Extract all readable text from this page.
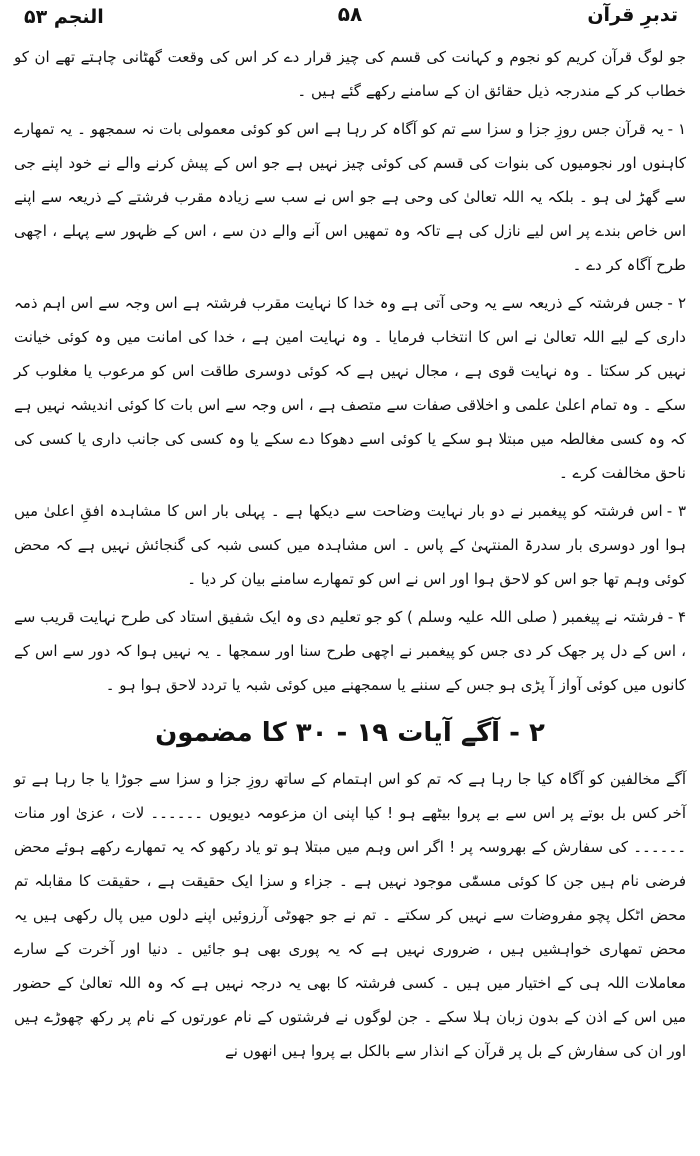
تدبرِ قرآن
۵۸
النجم ۵۳

جو لوگ قرآن کریم کو نجوم و کہانت کی قسم کی چیز قرار دے کر اس کی وقعت گھٹانی چاہتے تھے ان کو خطاب کر کے مندرجہ ذیل حقائق ان کے سامنے رکھے گئے ہیں ۔

۱ -یہ قرآن جس روزِ جزا و سزا سے تم کو آگاہ کر رہا ہے اس کو کوئی معمولی بات نہ سمجھو ۔ یہ تمھارے کاہنوں اور نجومیوں کی بنوات کی قسم کی کوئی چیز نہیں ہے جو اس کے پیش کرنے والے نے خود اپنے جی سے گھڑ لی ہو ۔ بلکہ یہ اللہ تعالیٰ کی وحی ہے جو اس نے سب سے زیادہ مقرب فرشتے کے ذریعہ سے اپنے اس خاص بندے پر اس لیے نازل کی ہے تاکہ وہ تمھیں اس آنے والے دن سے ، اس کے ظہور سے پہلے ، اچھی طرح آگاہ کر دے ۔

۲ -جس فرشتہ کے ذریعہ سے یہ وحی آتی ہے وہ خدا کا نہایت مقرب فرشتہ ہے اس وجہ سے اس اہم ذمہ داری کے لیے اللہ تعالیٰ نے اس کا انتخاب فرمایا ۔ وہ نہایت امین ہے ، خدا کی امانت میں وہ کوئی خیانت نہیں کر سکتا ۔ وہ نہایت قوی ہے ، مجال نہیں ہے کہ کوئی دوسری طاقت اس کو مرعوب یا مغلوب کر سکے ۔ وہ تمام اعلیٰ علمی و اخلاقی صفات سے متصف ہے ، اس وجہ سے اس بات کا کوئی اندیشہ نہیں ہے کہ وہ کسی مغالطہ میں مبتلا ہو سکے یا کوئی اسے دھوکا دے سکے یا وہ کسی کی جانب داری یا کسی کی ناحق مخالفت کرے ۔

۳ -اس فرشتہ کو پیغمبر نے دو بار نہایت وضاحت سے دیکھا ہے ۔ پہلی بار اس کا مشاہدہ افقِ اعلیٰ میں ہوا اور دوسری بار سدرۃ المنتہیٰ کے پاس ۔ اس مشاہدہ میں کسی شبہ کی گنجائش نہیں ہے کہ محض کوئی وہم تھا جو اس کو لاحق ہوا اور اس نے اس کو تمھارے سامنے بیان کر دیا ۔

۴ -فرشتہ نے پیغمبر ( صلی اللہ علیہ وسلم ) کو جو تعلیم دی وہ ایک شفیق استاد کی طرح نہایت قریب سے ، اس کے دل پر جھک کر دی جس کو پیغمبر نے اچھی طرح سنا اور سمجھا ۔ یہ نہیں ہوا کہ دور سے اس کے کانوں میں کوئی آواز آ پڑی ہو جس کے سننے یا سمجھنے میں کوئی شبہ یا تردد لاحق ہوا ہو ۔

۲ - آگے آیات ۱۹ - ۳۰ کا مضمون

آگے مخالفین کو آگاہ کیا جا رہا ہے کہ تم کو اس اہتمام کے ساتھ روزِ جزا و سزا سے جوڑا یا جا رہا ہے تو آخر کس بل بوتے پر اس سے بے پروا بیٹھے ہو ! کیا اپنی ان مزعومہ دیویوں ۔۔۔۔۔۔ لات ، عزیٰ اور منات ۔۔۔۔۔۔ کی سفارش کے بھروسہ پر ! اگر اس وہم میں مبتلا ہو تو یاد رکھو کہ یہ تمھارے رکھے ہوئے محض فرضی نام ہیں جن کا کوئی مسمّٰی موجود نہیں ہے ۔ جزاء و سزا ایک حقیقت ہے ، حقیقت کا مقابلہ تم محض اٹکل پچو مفروضات سے نہیں کر سکتے ۔ تم نے جو جھوٹی آرزوئیں اپنے دلوں میں پال رکھی ہیں یہ محض تمھاری خواہشیں ہیں ، ضروری نہیں ہے کہ یہ پوری بھی ہو جائیں ۔ دنیا اور آخرت کے سارے معاملات اللہ ہی کے اختیار میں ہیں ۔ کسی فرشتہ کا بھی یہ درجہ نہیں ہے کہ وہ اللہ تعالیٰ کے حضور میں اس کے اذن کے بدون زبان ہلا سکے ۔ جن لوگوں نے فرشتوں کے نام عورتوں کے نام پر رکھ چھوڑے ہیں اور ان کی سفارش کے بل پر قرآن کے انذار سے بالکل بے پروا ہیں انھوں نے
